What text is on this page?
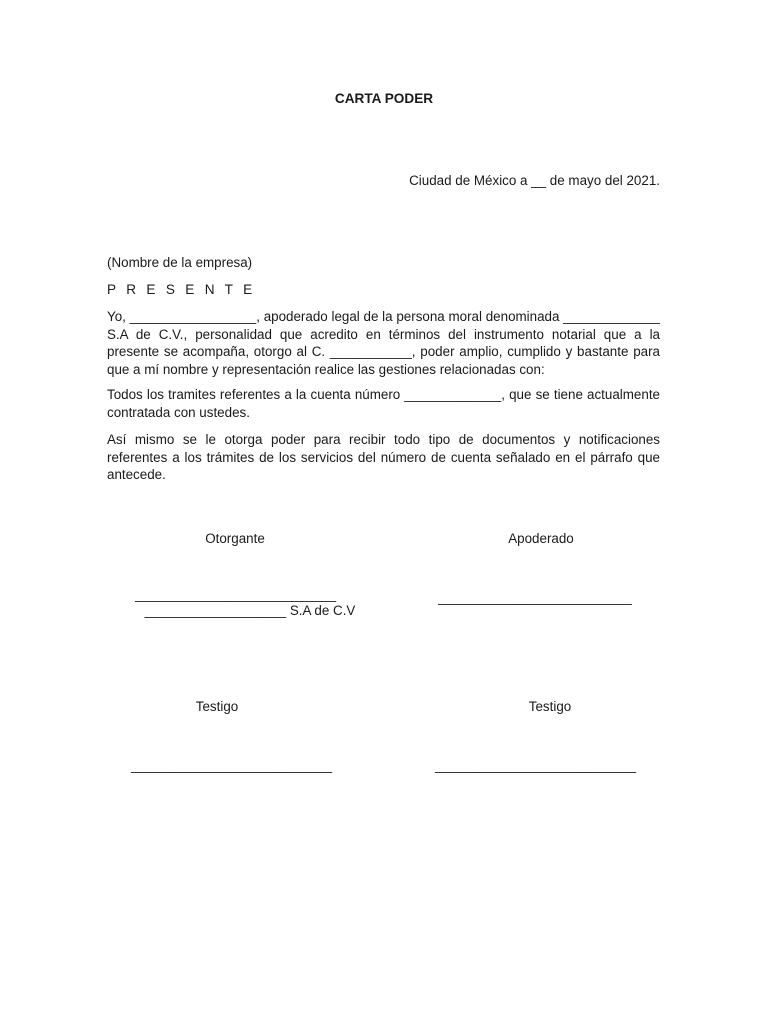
CARTA PODER

Ciudad de México a __ de mayo del 2021.

(Nombre de la empresa)

P R E S E N T E

Yo, _________________, apoderado legal de la persona moral denominada _____________ S.A de C.V., personalidad que acredito en términos del instrumento notarial que a la presente se acompaña, otorgo al C. ___________, poder amplio, cumplido y bastante para que a mí nombre y representación realice las gestiones relacionadas con:

Todos los tramites referentes a la cuenta número _____________, que se tiene actualmente contratada con ustedes.

Así mismo se le otorga poder para recibir todo tipo de documentos y notificaciones referentes a los trámites de los servicios del número de cuenta señalado en el párrafo que antecede.

Otorgante	Apoderado

___________________________

___________________ S.A de C.V

__________________________

Testigo	Testigo

___________________________	___________________________
